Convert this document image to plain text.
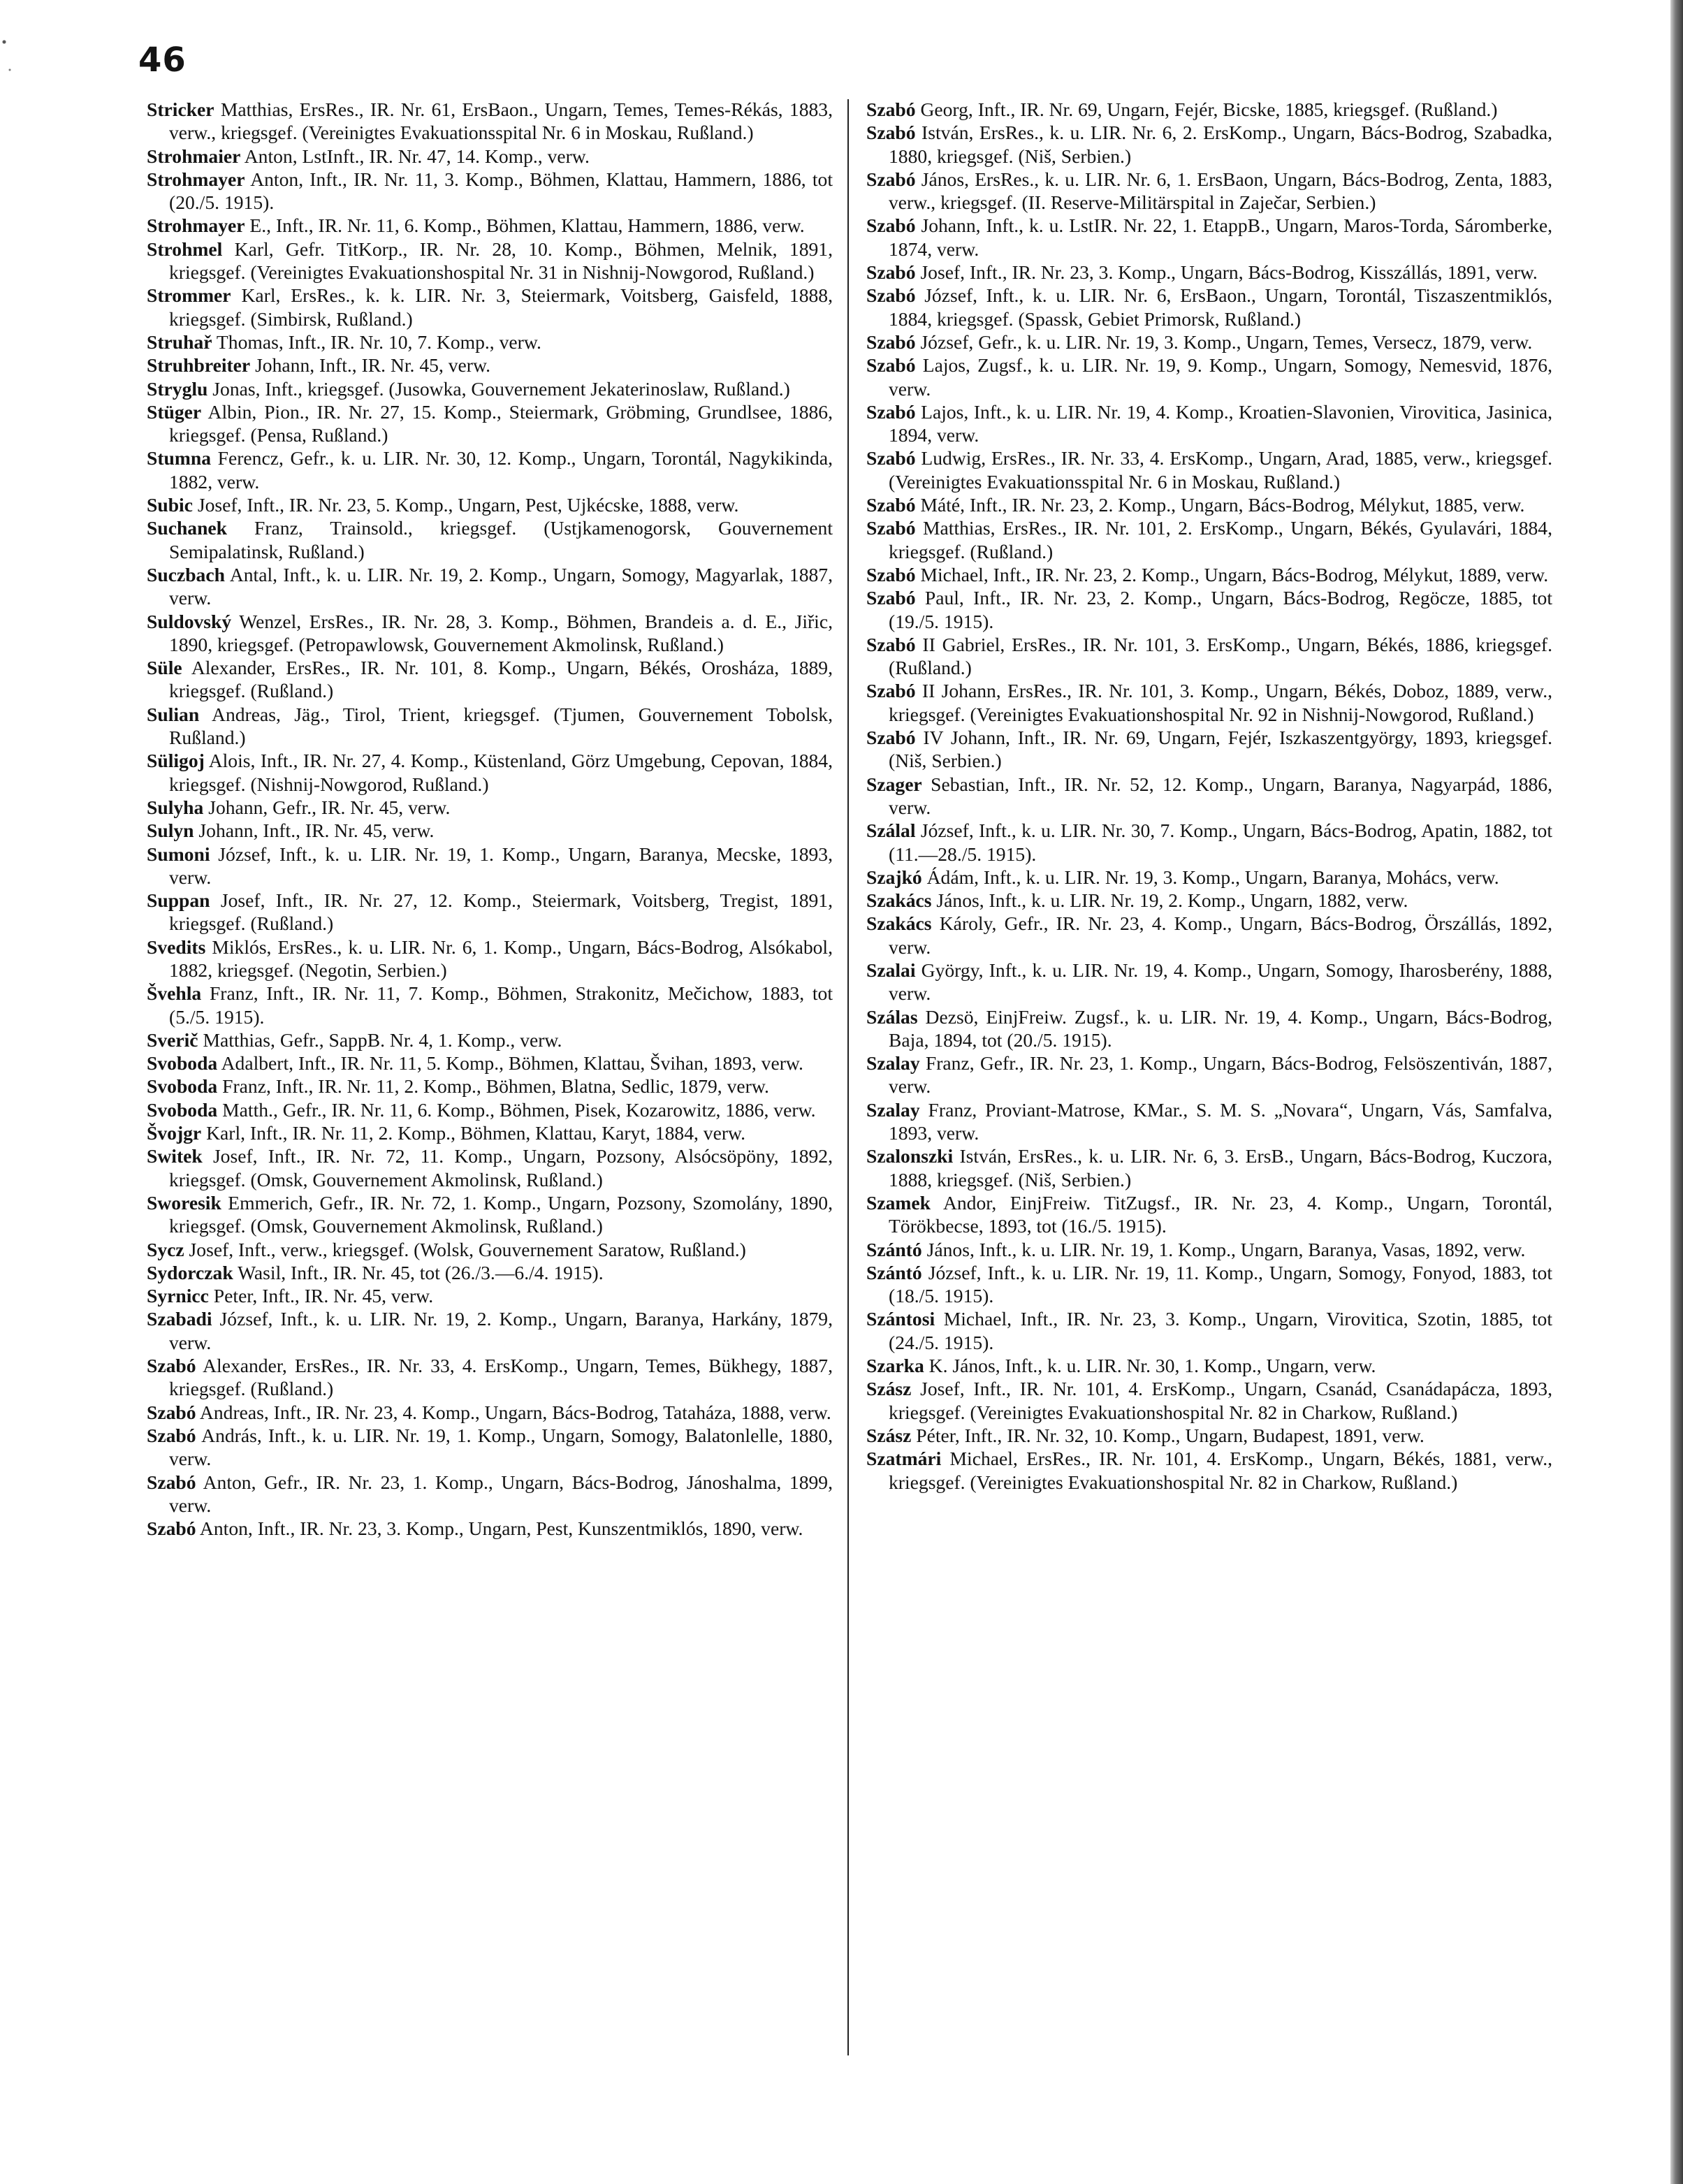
46

Stricker Matthias, ErsRes., IR. Nr. 61, ErsBaon., Ungarn, Temes, Temes-Rékás, 1883, verw., kriegsgef. (Vereinigtes Evakuationsspital Nr. 6 in Moskau, Rußland.)

Strohmaier Anton, LstInft., IR. Nr. 47, 14. Komp., verw.

Strohmayer Anton, Inft., IR. Nr. 11, 3. Komp., Böhmen, Klattau, Hammern, 1886, tot (20./5. 1915).

Strohmayer E., Inft., IR. Nr. 11, 6. Komp., Böhmen, Klattau, Hammern, 1886, verw.

Strohmel Karl, Gefr. TitKorp., IR. Nr. 28, 10. Komp., Böhmen, Melnik, 1891, kriegsgef. (Vereinigtes Evakuationshospital Nr. 31 in Nishnij-Nowgorod, Rußland.)

Strommer Karl, ErsRes., k. k. LIR. Nr. 3, Steiermark, Voitsberg, Gaisfeld, 1888, kriegsgef. (Simbirsk, Rußland.)

Struhař Thomas, Inft., IR. Nr. 10, 7. Komp., verw.

Struhbreiter Johann, Inft., IR. Nr. 45, verw.

Stryglu Jonas, Inft., kriegsgef. (Jusowka, Gouvernement Jekaterinoslaw, Rußland.)

Stüger Albin, Pion., IR. Nr. 27, 15. Komp., Steiermark, Gröbming, Grundlsee, 1886, kriegsgef. (Pensa, Rußland.)

Stumna Ferencz, Gefr., k. u. LIR. Nr. 30, 12. Komp., Ungarn, Torontál, Nagykikinda, 1882, verw.

Subic Josef, Inft., IR. Nr. 23, 5. Komp., Ungarn, Pest, Ujkécske, 1888, verw.

Suchanek Franz, Trainsold., kriegsgef. (Ustjkamenogorsk, Gouvernement Semipalatinsk, Rußland.)

Suczbach Antal, Inft., k. u. LIR. Nr. 19, 2. Komp., Ungarn, Somogy, Magyarlak, 1887, verw.

Suldovský Wenzel, ErsRes., IR. Nr. 28, 3. Komp., Böhmen, Brandeis a. d. E., Jiřic, 1890, kriegsgef. (Petropawlowsk, Gouvernement Akmolinsk, Rußland.)

Süle Alexander, ErsRes., IR. Nr. 101, 8. Komp., Ungarn, Békés, Orosháza, 1889, kriegsgef. (Rußland.)

Sulian Andreas, Jäg., Tirol, Trient, kriegsgef. (Tjumen, Gouvernement Tobolsk, Rußland.)

Süligoj Alois, Inft., IR. Nr. 27, 4. Komp., Küstenland, Görz Umgebung, Cepovan, 1884, kriegsgef. (Nishnij-Nowgorod, Rußland.)

Sulyha Johann, Gefr., IR. Nr. 45, verw.

Sulyn Johann, Inft., IR. Nr. 45, verw.

Sumoni József, Inft., k. u. LIR. Nr. 19, 1. Komp., Ungarn, Baranya, Mecske, 1893, verw.

Suppan Josef, Inft., IR. Nr. 27, 12. Komp., Steiermark, Voitsberg, Tregist, 1891, kriegsgef. (Rußland.)

Svedits Miklós, ErsRes., k. u. LIR. Nr. 6, 1. Komp., Ungarn, Bács-Bodrog, Alsókabol, 1882, kriegsgef. (Negotin, Serbien.)

Švehla Franz, Inft., IR. Nr. 11, 7. Komp., Böhmen, Strakonitz, Mečichow, 1883, tot (5./5. 1915).

Sverič Matthias, Gefr., SappB. Nr. 4, 1. Komp., verw.

Svoboda Adalbert, Inft., IR. Nr. 11, 5. Komp., Böhmen, Klattau, Švihan, 1893, verw.

Svoboda Franz, Inft., IR. Nr. 11, 2. Komp., Böhmen, Blatna, Sedlic, 1879, verw.

Svoboda Matth., Gefr., IR. Nr. 11, 6. Komp., Böhmen, Pisek, Kozarowitz, 1886, verw.

Švojgr Karl, Inft., IR. Nr. 11, 2. Komp., Böhmen, Klattau, Karyt, 1884, verw.

Switek Josef, Inft., IR. Nr. 72, 11. Komp., Ungarn, Pozsony, Alsócsöpöny, 1892, kriegsgef. (Omsk, Gouvernement Akmolinsk, Rußland.)

Sworesik Emmerich, Gefr., IR. Nr. 72, 1. Komp., Ungarn, Pozsony, Szomolány, 1890, kriegsgef. (Omsk, Gouvernement Akmolinsk, Rußland.)

Sycz Josef, Inft., verw., kriegsgef. (Wolsk, Gouvernement Saratow, Rußland.)

Sydorczak Wasil, Inft., IR. Nr. 45, tot (26./3.—6./4. 1915).

Syrnicc Peter, Inft., IR. Nr. 45, verw.

Szabadi József, Inft., k. u. LIR. Nr. 19, 2. Komp., Ungarn, Baranya, Harkány, 1879, verw.

Szabó Alexander, ErsRes., IR. Nr. 33, 4. ErsKomp., Ungarn, Temes, Bükhegy, 1887, kriegsgef. (Rußland.)

Szabó Andreas, Inft., IR. Nr. 23, 4. Komp., Ungarn, Bács-Bodrog, Tataháza, 1888, verw.

Szabó András, Inft., k. u. LIR. Nr. 19, 1. Komp., Ungarn, Somogy, Balatonlelle, 1880, verw.

Szabó Anton, Gefr., IR. Nr. 23, 1. Komp., Ungarn, Bács-Bodrog, Jánoshalma, 1899, verw.

Szabó Anton, Inft., IR. Nr. 23, 3. Komp., Ungarn, Pest, Kunszentmiklós, 1890, verw.

Szabó Georg, Inft., IR. Nr. 69, Ungarn, Fejér, Bicske, 1885, kriegsgef. (Rußland.)

Szabó István, ErsRes., k. u. LIR. Nr. 6, 2. ErsKomp., Ungarn, Bács-Bodrog, Szabadka, 1880, kriegsgef. (Niš, Serbien.)

Szabó János, ErsRes., k. u. LIR. Nr. 6, 1. ErsBaon, Ungarn, Bács-Bodrog, Zenta, 1883, verw., kriegsgef. (II. Reserve-Militärspital in Zaječar, Serbien.)

Szabó Johann, Inft., k. u. LstIR. Nr. 22, 1. EtappB., Ungarn, Maros-Torda, Sáromberke, 1874, verw.

Szabó Josef, Inft., IR. Nr. 23, 3. Komp., Ungarn, Bács-Bodrog, Kisszállás, 1891, verw.

Szabó József, Inft., k. u. LIR. Nr. 6, ErsBaon., Ungarn, Torontál, Tiszaszentmiklós, 1884, kriegsgef. (Spassk, Gebiet Primorsk, Rußland.)

Szabó József, Gefr., k. u. LIR. Nr. 19, 3. Komp., Ungarn, Temes, Versecz, 1879, verw.

Szabó Lajos, Zugsf., k. u. LIR. Nr. 19, 9. Komp., Ungarn, Somogy, Nemesvid, 1876, verw.

Szabó Lajos, Inft., k. u. LIR. Nr. 19, 4. Komp., Kroatien-Slavonien, Virovitica, Jasinica, 1894, verw.

Szabó Ludwig, ErsRes., IR. Nr. 33, 4. ErsKomp., Ungarn, Arad, 1885, verw., kriegsgef. (Vereinigtes Evakuationsspital Nr. 6 in Moskau, Rußland.)

Szabó Máté, Inft., IR. Nr. 23, 2. Komp., Ungarn, Bács-Bodrog, Mélykut, 1885, verw.

Szabó Matthias, ErsRes., IR. Nr. 101, 2. ErsKomp., Ungarn, Békés, Gyulavári, 1884, kriegsgef. (Rußland.)

Szabó Michael, Inft., IR. Nr. 23, 2. Komp., Ungarn, Bács-Bodrog, Mélykut, 1889, verw.

Szabó Paul, Inft., IR. Nr. 23, 2. Komp., Ungarn, Bács-Bodrog, Regöcze, 1885, tot (19./5. 1915).

Szabó II Gabriel, ErsRes., IR. Nr. 101, 3. ErsKomp., Ungarn, Békés, 1886, kriegsgef. (Rußland.)

Szabó II Johann, ErsRes., IR. Nr. 101, 3. Komp., Ungarn, Békés, Doboz, 1889, verw., kriegsgef. (Vereinigtes Evakuationshospital Nr. 92 in Nishnij-Nowgorod, Rußland.)

Szabó IV Johann, Inft., IR. Nr. 69, Ungarn, Fejér, Iszkaszentgyörgy, 1893, kriegsgef. (Niš, Serbien.)

Szager Sebastian, Inft., IR. Nr. 52, 12. Komp., Ungarn, Baranya, Nagyarpád, 1886, verw.

Szálal József, Inft., k. u. LIR. Nr. 30, 7. Komp., Ungarn, Bács-Bodrog, Apatin, 1882, tot (11.—28./5. 1915).

Szajkó Ádám, Inft., k. u. LIR. Nr. 19, 3. Komp., Ungarn, Baranya, Mohács, verw.

Szakács János, Inft., k. u. LIR. Nr. 19, 2. Komp., Ungarn, 1882, verw.

Szakács Károly, Gefr., IR. Nr. 23, 4. Komp., Ungarn, Bács-Bodrog, Örszállás, 1892, verw.

Szalai György, Inft., k. u. LIR. Nr. 19, 4. Komp., Ungarn, Somogy, Iharosberény, 1888, verw.

Szálas Dezsö, EinjFreiw. Zugsf., k. u. LIR. Nr. 19, 4. Komp., Ungarn, Bács-Bodrog, Baja, 1894, tot (20./5. 1915).

Szalay Franz, Gefr., IR. Nr. 23, 1. Komp., Ungarn, Bács-Bodrog, Felsöszentiván, 1887, verw.

Szalay Franz, Proviant-Matrose, KMar., S. M. S. „Novara“, Ungarn, Vás, Samfalva, 1893, verw.

Szalonszki István, ErsRes., k. u. LIR. Nr. 6, 3. ErsB., Ungarn, Bács-Bodrog, Kuczora, 1888, kriegsgef. (Niš, Serbien.)

Szamek Andor, EinjFreiw. TitZugsf., IR. Nr. 23, 4. Komp., Ungarn, Torontál, Törökbecse, 1893, tot (16./5. 1915).

Szántó János, Inft., k. u. LIR. Nr. 19, 1. Komp., Ungarn, Baranya, Vasas, 1892, verw.

Szántó József, Inft., k. u. LIR. Nr. 19, 11. Komp., Ungarn, Somogy, Fonyod, 1883, tot (18./5. 1915).

Szántosi Michael, Inft., IR. Nr. 23, 3. Komp., Ungarn, Virovitica, Szotin, 1885, tot (24./5. 1915).

Szarka K. János, Inft., k. u. LIR. Nr. 30, 1. Komp., Ungarn, verw.

Szász Josef, Inft., IR. Nr. 101, 4. ErsKomp., Ungarn, Csanád, Csanádapácza, 1893, kriegsgef. (Vereinigtes Evakuationshospital Nr. 82 in Charkow, Rußland.)

Szász Péter, Inft., IR. Nr. 32, 10. Komp., Ungarn, Budapest, 1891, verw.

Szatmári Michael, ErsRes., IR. Nr. 101, 4. ErsKomp., Ungarn, Békés, 1881, verw., kriegsgef. (Vereinigtes Evakuationshospital Nr. 82 in Charkow, Rußland.)
